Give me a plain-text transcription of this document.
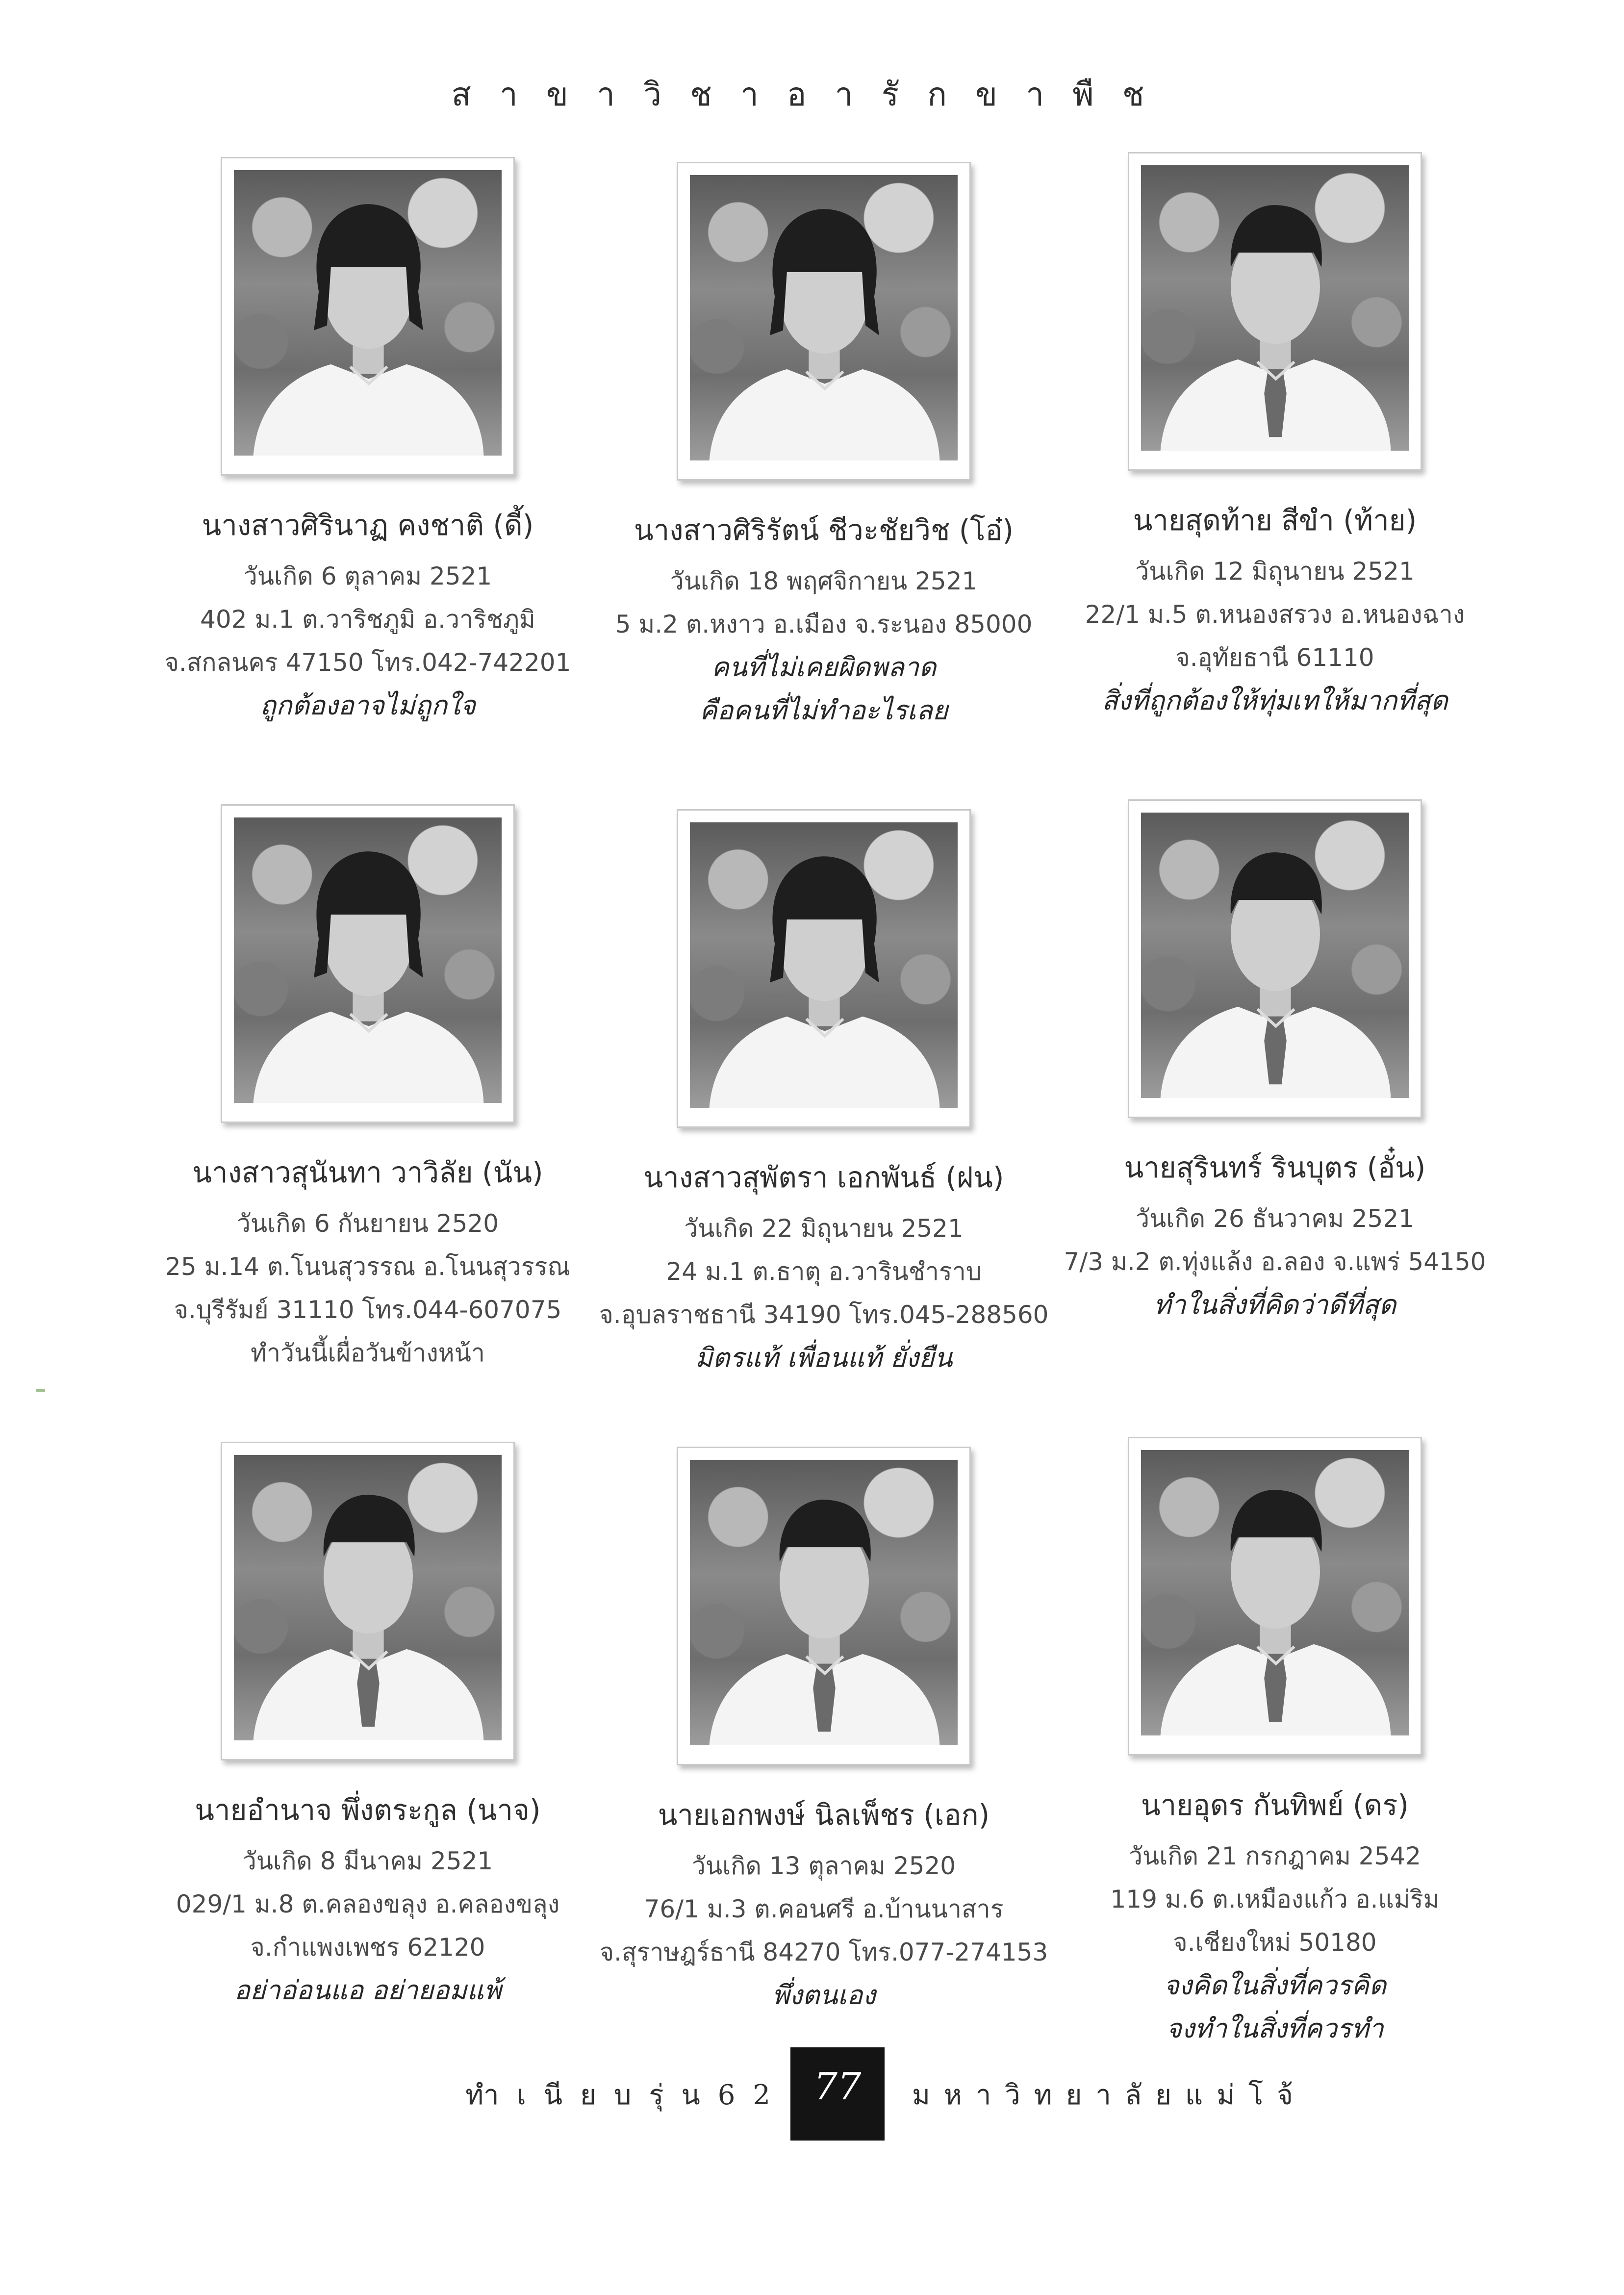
สาขาวิชาอารักขาพืช
นางสาวศิรินาฏ คงชาติ (ดี้)
วันเกิด 6 ตุลาคม 2521
402 ม.1 ต.วาริชภูมิ อ.วาริชภูมิ
จ.สกลนคร 47150 โทร.042-742201
ถูกต้องอาจไม่ถูกใจ
นางสาวศิริรัตน์ ชีวะชัยวิช (โอ๋)
วันเกิด 18 พฤศจิกายน 2521
5 ม.2 ต.หงาว อ.เมือง จ.ระนอง 85000
คนที่ไม่เคยผิดพลาด
คือคนที่ไม่ทำอะไรเลย
นายสุดท้าย สีขำ (ท้าย)
วันเกิด 12 มิถุนายน 2521
22/1 ม.5 ต.หนองสรวง อ.หนองฉาง
จ.อุทัยธานี 61110
สิ่งที่ถูกต้องให้ทุ่มเทให้มากที่สุด
นางสาวสุนันทา วาวิลัย (นัน)
วันเกิด 6 กันยายน 2520
25 ม.14 ต.โนนสุวรรณ อ.โนนสุวรรณ
จ.บุรีรัมย์ 31110 โทร.044-607075
ทำวันนี้เผื่อวันข้างหน้า
นางสาวสุพัตรา เอกพันธ์ (ฝน)
วันเกิด 22 มิถุนายน 2521
24 ม.1 ต.ธาตุ อ.วารินชำราบ
จ.อุบลราชธานี 34190 โทร.045-288560
มิตรแท้ เพื่อนแท้ ยั่งยืน
นายสุรินทร์ รินบุตร (อั๋น)
วันเกิด 26 ธันวาคม 2521
7/3 ม.2 ต.ทุ่งแล้ง อ.ลอง จ.แพร่ 54150
ทำในสิ่งที่คิดว่าดีที่สุด
นายอำนาจ พึ่งตระกูล (นาจ)
วันเกิด 8 มีนาคม 2521
029/1 ม.8 ต.คลองขลุง อ.คลองขลุง
จ.กำแพงเพชร 62120
อย่าอ่อนแอ อย่ายอมแพ้
นายเอกพงษ์ นิลเพ็ชร (เอก)
วันเกิด 13 ตุลาคม 2520
76/1 ม.3 ต.คอนศรี อ.บ้านนาสาร
จ.สุราษฎร์ธานี 84270 โทร.077-274153
พึ่งตนเอง
นายอุดร กันทิพย์ (ดร)
วันเกิด 21 กรกฎาคม 2542
119 ม.6 ต.เหมืองแก้ว อ.แม่ริม
จ.เชียงใหม่ 50180
จงคิดในสิ่งที่ควรคิด
จงทำในสิ่งที่ควรทำ
ทำเนียบรุ่น62 77	มหาวิทยาลัยแม่โจ้
